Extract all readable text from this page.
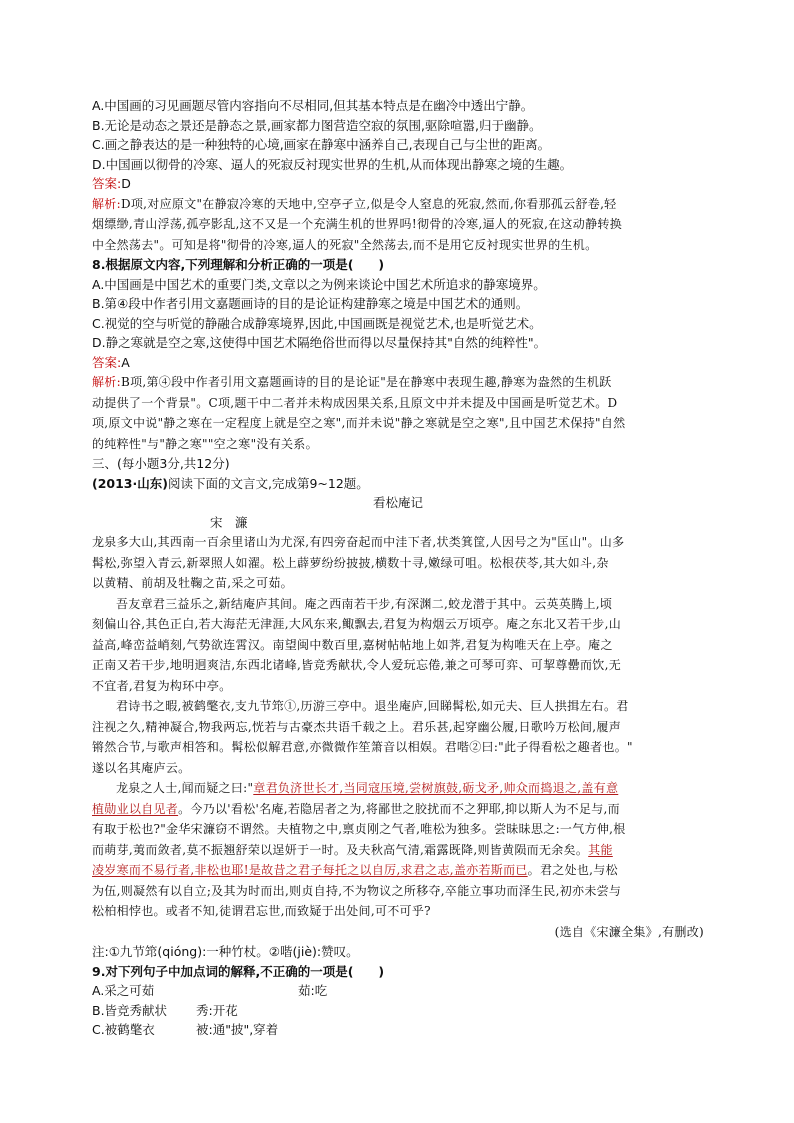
A.中国画的习见画题尽管内容指向不尽相同,但其基本特点是在幽冷中透出宁静。
B.无论是动态之景还是静态之景,画家都力图营造空寂的氛围,驱除喧嚣,归于幽静。
C.画之静表达的是一种独特的心境,画家在静寒中涵养自己,表现自己与尘世的距离。
D.中国画以彻骨的冷寒、逼人的死寂反衬现实世界的生机,从而体现出静寒之境的生趣。
答案:D
解析:D项,对应原文"在静寂冷寒的天地中,空亭孑立,似是令人窒息的死寂,然而,你看那孤云舒卷,轻
烟缥缈,青山浮荡,孤亭影乱,这不又是一个充满生机的世界吗!彻骨的冷寒,逼人的死寂,在这动静转换
中全然荡去"。可知是将"彻骨的冷寒,逼人的死寂"全然荡去,而不是用它反衬现实世界的生机。
8.根据原文内容,下列理解和分析正确的一项是(　　)
A.中国画是中国艺术的重要门类,文章以之为例来谈论中国艺术所追求的静寒境界。
B.第④段中作者引用文嘉题画诗的目的是论证构建静寒之境是中国艺术的通则。
C.视觉的空与听觉的静融合成静寒境界,因此,中国画既是视觉艺术,也是听觉艺术。
D.静之寒就是空之寒,这使得中国艺术隔绝俗世而得以尽量保持其"自然的纯粹性"。
答案:A
解析:B项,第④段中作者引用文嘉题画诗的目的是论证"是在静寒中表现生趣,静寒为盎然的生机跃
动提供了一个背景"。C项,题干中二者并未构成因果关系,且原文中并未提及中国画是听觉艺术。D
项,原文中说"静之寒在一定程度上就是空之寒",而并未说"静之寒就是空之寒",且中国艺术保持"自然
的纯粹性"与"静之寒""空之寒"没有关系。
三、(每小题3分,共12分)
(2013·山东)阅读下面的文言文,完成第9~12题。
看松庵记
宋　濂
龙泉多大山,其西南一百余里诸山为尤深,有四旁奋起而中洼下者,状类箕筐,人因号之为"匡山"。山多
髯松,弥望入青云,新翠照人如濯。松上薜萝纷纷披披,横数十寻,嫩绿可咀。松根茯苓,其大如斗,杂
以黄精、前胡及牡鞠之苗,采之可茹。
吾友章君三益乐之,新结庵庐其间。庵之西南若干步,有深渊二,蛟龙潜于其中。云英英腾上,顷
刻偏山谷,其色正白,若大海茫无津涯,大风东来,鲰飘去,君复为构烟云万顷亭。庵之东北又若干步,山
益高,峰峦益峭刻,气势欲连霄汉。南望闽中数百里,嘉树帖帖地上如荠,君复为构唯天在上亭。庵之
正南又若干步,地明迥爽洁,东西北诸峰,皆竞秀献状,令人爱玩忘倦,兼之可琴可弈、可挈尊罍而饮,无
不宜者,君复为构环中亭。
君诗书之暇,被鹤氅衣,支九节筇①,历游三亭中。退坐庵庐,回睇髯松,如元夫、巨人拱揖左右。君
注视之久,精神凝合,物我两忘,恍若与古豪杰共语千载之上。君乐甚,起穿幽公履,日歌吟万松间,履声
锵然合节,与歌声相答和。髯松似解君意,亦微微作笙箫音以相娱。君喈②曰:"此子得看松之趣者也。"
遂以名其庵庐云。
龙泉之人士,闻而疑之曰:"章君负济世长才,当同寇压境,尝树旗鼓,砺戈矛,帅众而捣退之,盖有意
植勋业以自见者。今乃以'看松'名庵,若隐居者之为,将鄙世之胶扰而不之狎耶,抑以斯人为不足与,而
有取于松也?"金华宋濂窃不谓然。夫植物之中,禀贞刚之气者,唯松为独多。尝昧昧思之:一气方伸,根
而萌芽,荑而敛者,莫不振翘舒荣以逞妍于一时。及夫秋高气清,霜露既降,则皆黄陨而无余矣。其能
凌岁寒而不易行者,非松也耶!是故昔之君子每托之以自厉,求君之志,盖亦若斯而已。君之处也,与松
为伍,则凝然有以自立;及其为时而出,则贞自持,不为物议之所移夺,卒能立事功而泽生民,初亦未尝与
松柏相悖也。或者不知,徒谓君忘世,而致疑于出处间,可不可乎?
(选自《宋濂全集》,有删改)
注:①九节筇(qióng):一种竹杖。②喈(jiè):赞叹。
9.对下列句子中加点词的解释,不正确的一项是(　　)
A.采之可茹	茹:吃
B.皆竞秀献状	秀:开花
C.被鹤氅衣	被:通"披",穿着
